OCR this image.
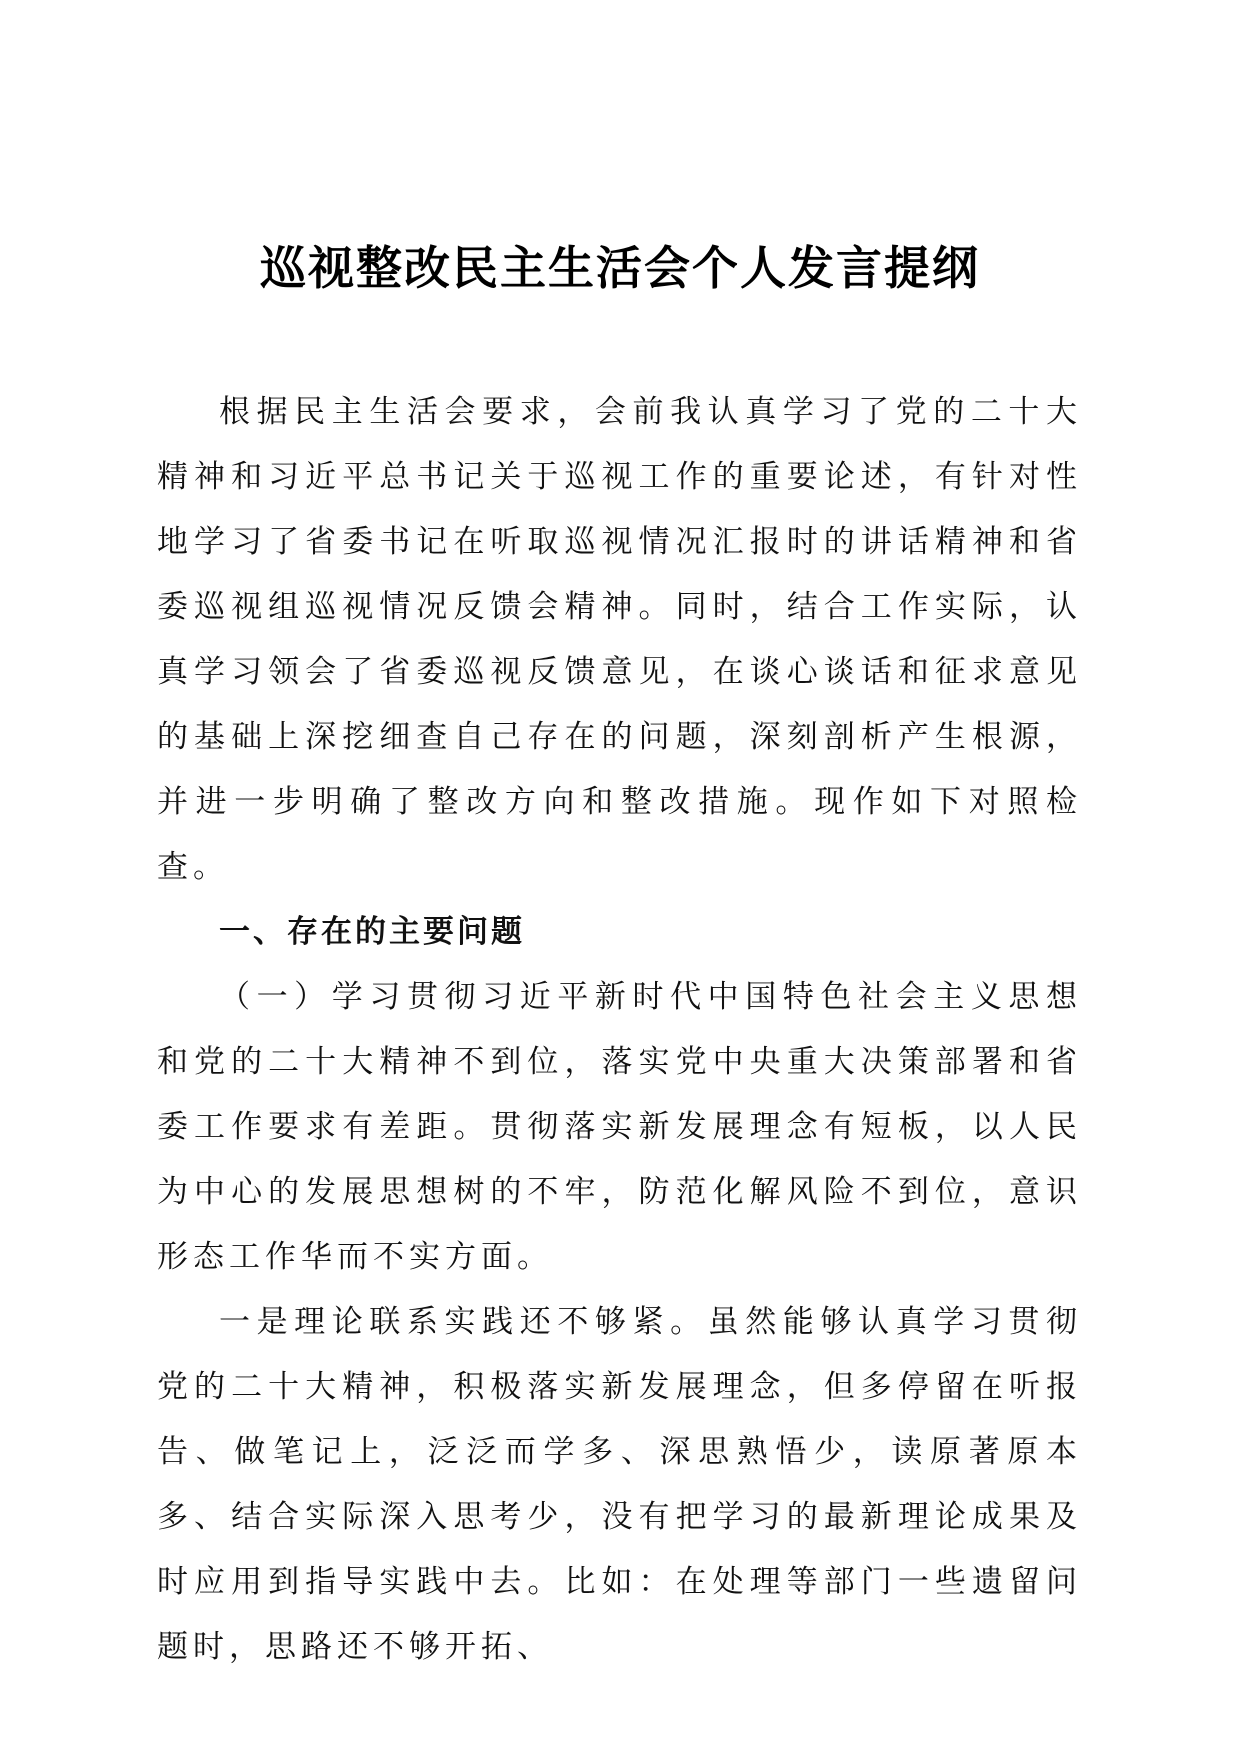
巡视整改民主生活会个人发言提纲

根据民主生活会要求，会前我认真学习了党的二十大精神和习近平总书记关于巡视工作的重要论述，有针对性地学习了省委书记在听取巡视情况汇报时的讲话精神和省委巡视组巡视情况反馈会精神。同时，结合工作实际，认真学习领会了省委巡视反馈意见，在谈心谈话和征求意见的基础上深挖细查自己存在的问题，深刻剖析产生根源，并进一步明确了整改方向和整改措施。现作如下对照检查。

一、存在的主要问题

（一）学习贯彻习近平新时代中国特色社会主义思想和党的二十大精神不到位，落实党中央重大决策部署和省委工作要求有差距。贯彻落实新发展理念有短板，以人民为中心的发展思想树的不牢，防范化解风险不到位，意识形态工作华而不实方面。

一是理论联系实践还不够紧。虽然能够认真学习贯彻党的二十大精神，积极落实新发展理念，但多停留在听报告、做笔记上，泛泛而学多、深思熟悟少，读原著原本多、结合实际深入思考少，没有把学习的最新理论成果及时应用到指导实践中去。比如：在处理等部门一些遗留问题时，思路还不够开拓、
